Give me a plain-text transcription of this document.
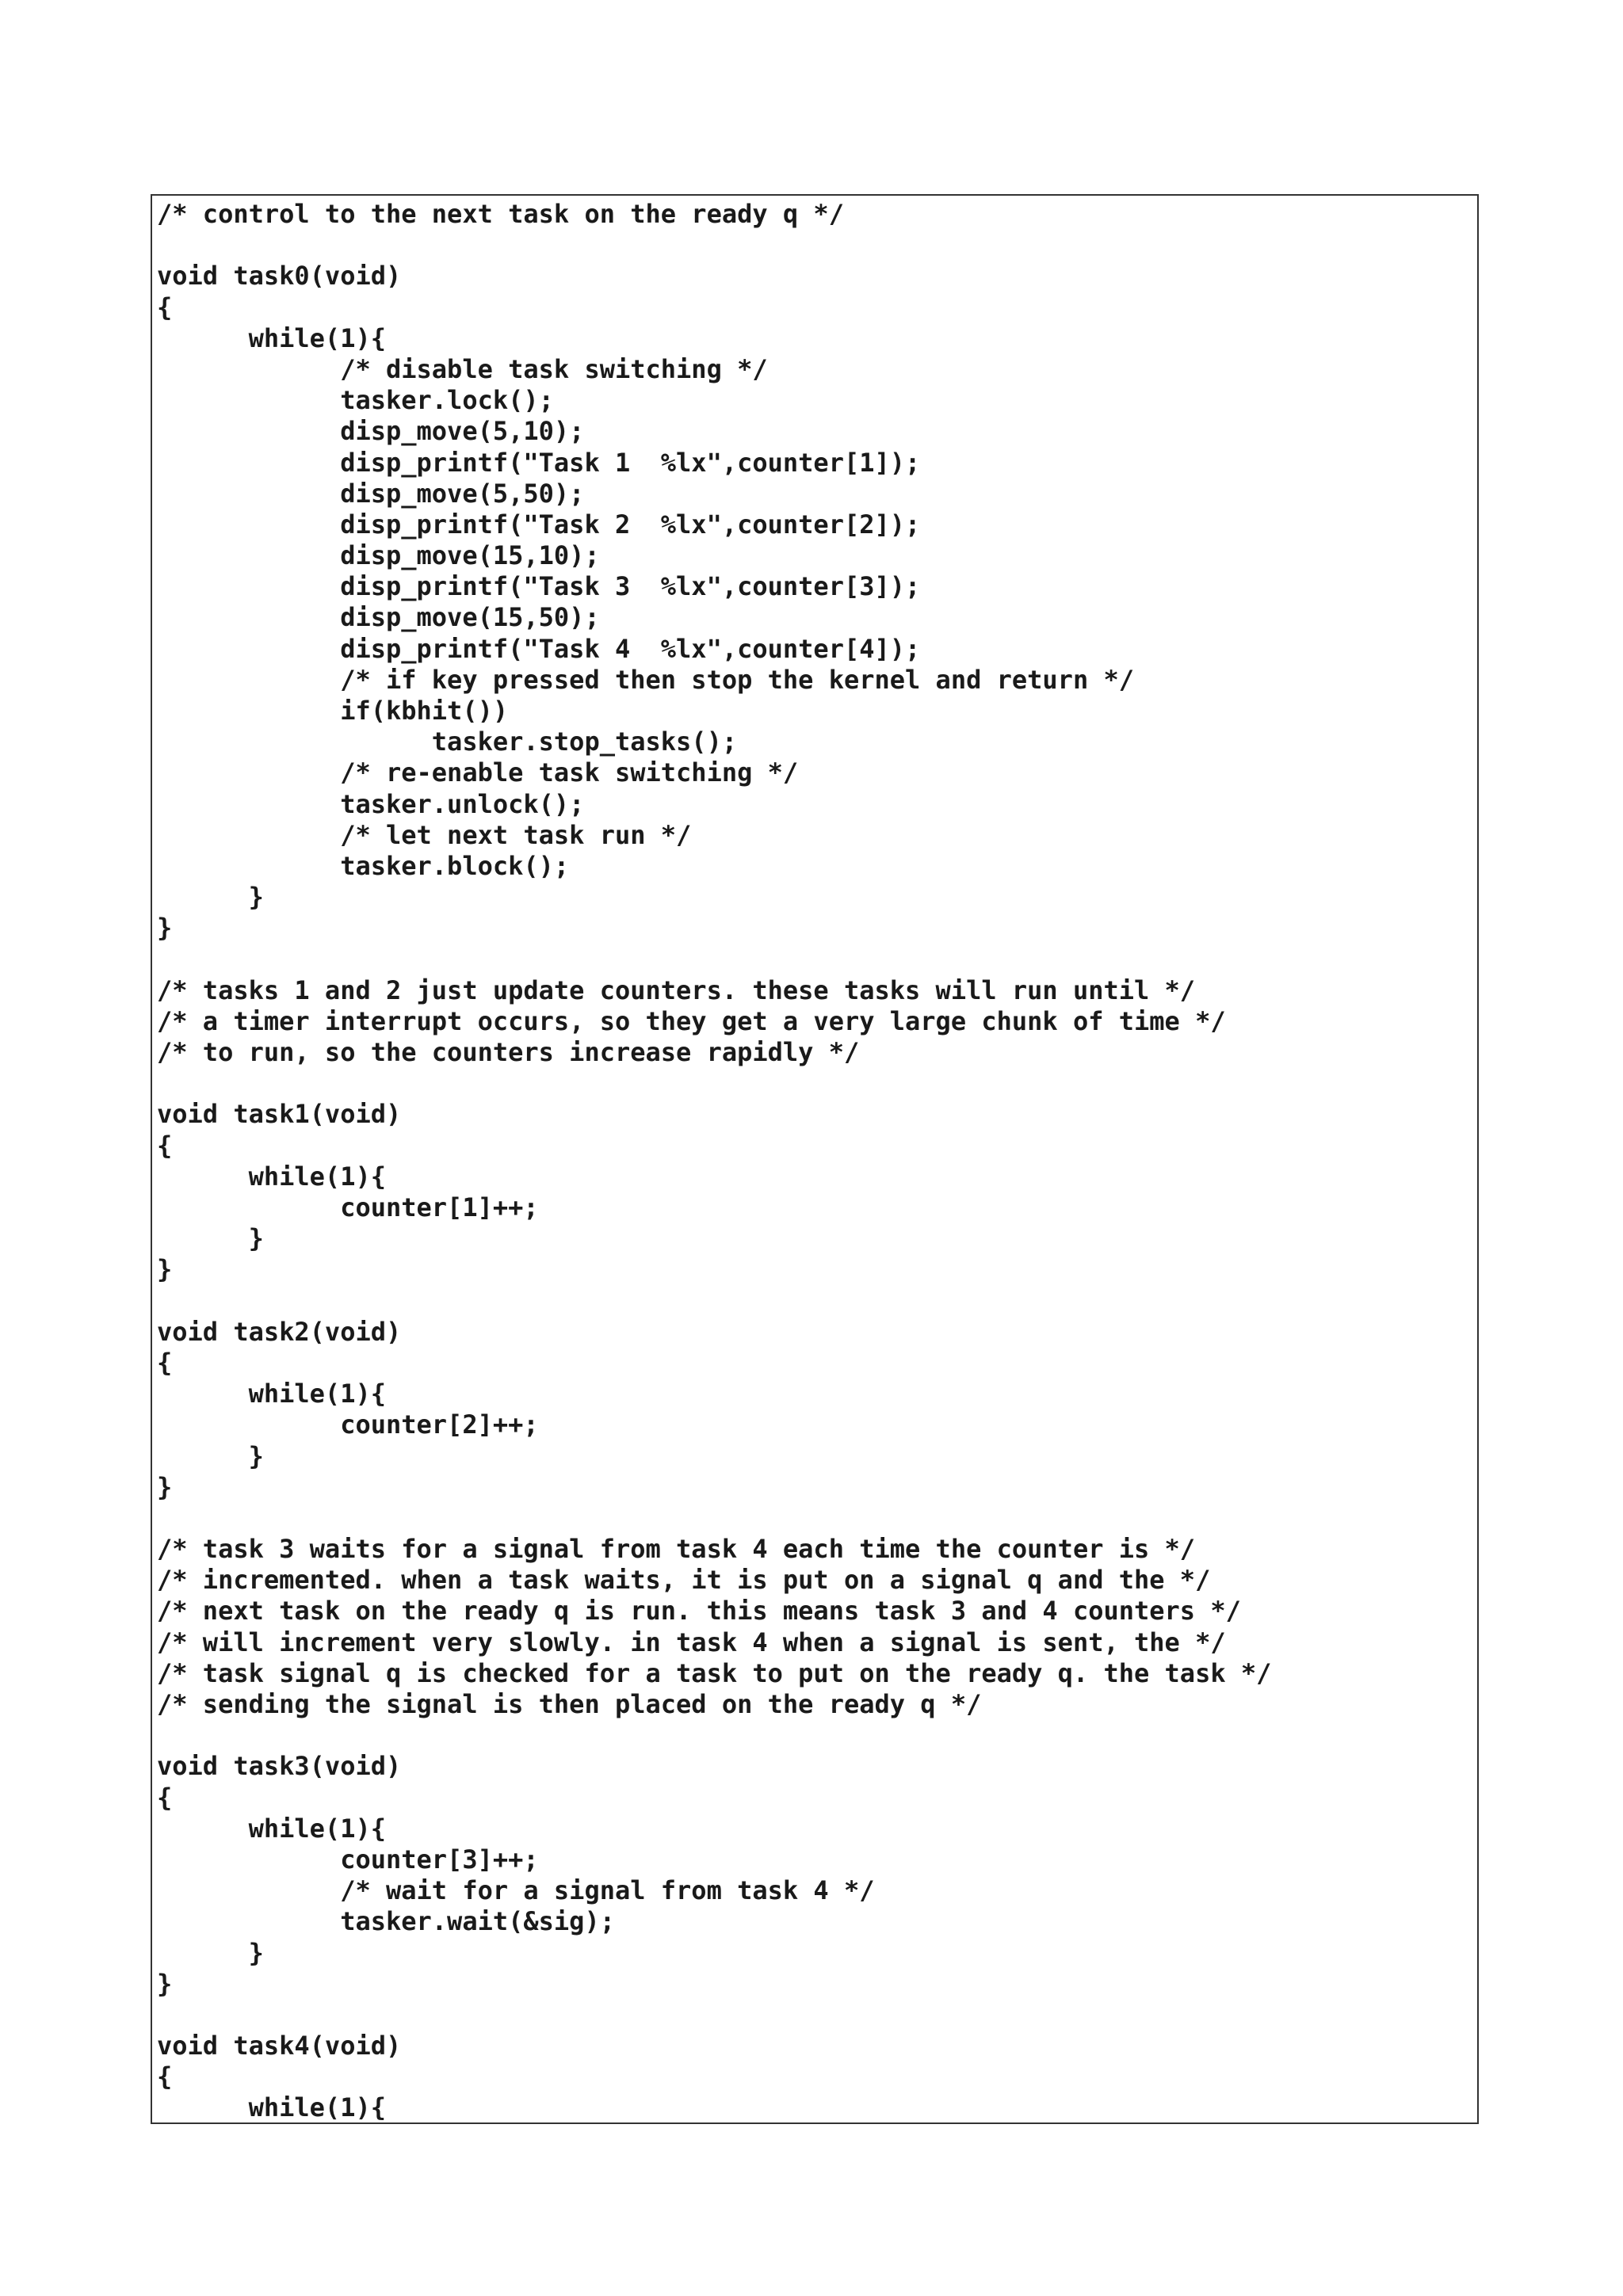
/* control to the next task on the ready q */
void task0(void)
{
while(1){
/* disable task switching */
tasker.lock();
disp_move(5,10);
disp_printf("Task 1  %lx",counter[1]);
disp_move(5,50);
disp_printf("Task 2  %lx",counter[2]);
disp_move(15,10);
disp_printf("Task 3  %lx",counter[3]);
disp_move(15,50);
disp_printf("Task 4  %lx",counter[4]);
/* if key pressed then stop the kernel and return */
if(kbhit())
tasker.stop_tasks();
/* re-enable task switching */
tasker.unlock();
/* let next task run */
tasker.block();
}
}
/* tasks 1 and 2 just update counters. these tasks will run until */
/* a timer interrupt occurs, so they get a very large chunk of time */
/* to run, so the counters increase rapidly */
void task1(void)
{
while(1){
counter[1]++;
}
}
void task2(void)
{
while(1){
counter[2]++;
}
}
/* task 3 waits for a signal from task 4 each time the counter is */
/* incremented. when a task waits, it is put on a signal q and the */
/* next task on the ready q is run. this means task 3 and 4 counters */
/* will increment very slowly. in task 4 when a signal is sent, the */
/* task signal q is checked for a task to put on the ready q. the task */
/* sending the signal is then placed on the ready q */
void task3(void)
{
while(1){
counter[3]++;
/* wait for a signal from task 4 */
tasker.wait(&sig);
}
}
void task4(void)
{
while(1){
